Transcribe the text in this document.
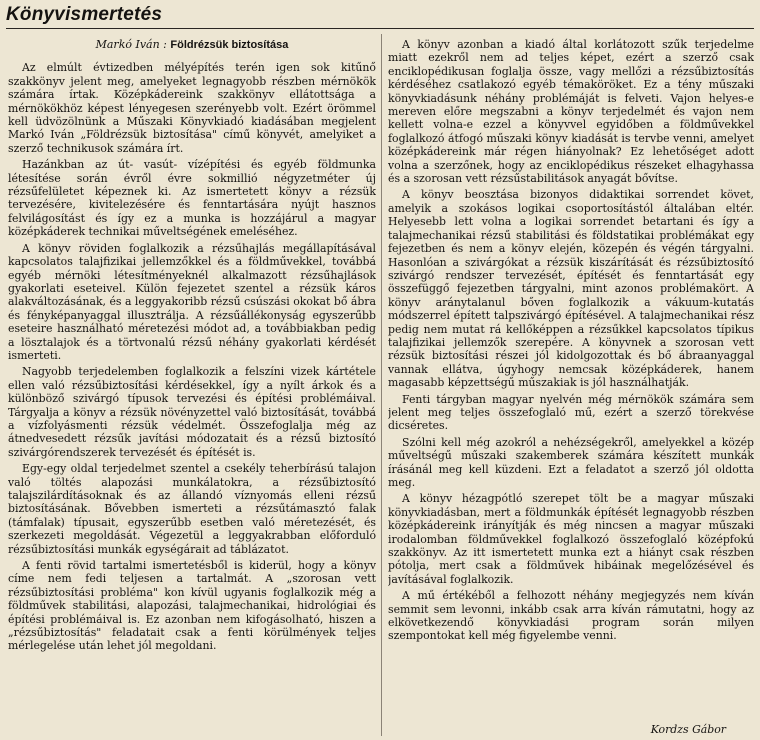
Könyvismertetés

Markó Iván : Földrézsük biztosítása

Az elmúlt évtizedben mélyépítés terén igen sok kitűnő szakkönyv jelent meg, amelyeket legnagyobb részben mérnökök számára írtak. Középkádereink szakkönyv ellátottsága a mérnökökhöz képest lényegesen szerényebb volt. Ezért örömmel kell üdvözölnünk a Műszaki Könyvkiadó kiadásában megjelent Markó Iván „Földrézsük biztosítása" című könyvét, amelyiket a szerző technikusok számára írt.

Hazánkban az út- vasút- vízépítési és egyéb földmunka létesítése során évről évre sokmillió négyzetméter új rézsűfelületet képeznek ki. Az ismertetett könyv a rézsük tervezésére, kivitelezésére és fenntartására nyújt hasznos felvilágosítást és így ez a munka is hozzájárul a magyar középkáderek technikai műveltségének emeléséhez.

A könyv röviden foglalkozik a rézsűhajlás megállapításával kapcsolatos talajfizikai jellemzőkkel és a földművekkel, továbbá egyéb mérnöki létesítményeknél alkalmazott rézsűhajlások gyakorlati eseteivel. Külön fejezetet szentel a rézsük káros alakváltozásának, és a leggyakoribb rézsű csúszási okokat bő ábra és fényképanyaggal illusztrálja. A rézsűállékonyság egyszerűbb eseteire használható méretezési módot ad, a továbbiakban pedig a lösztalajok és a törtvonalú rézsű néhány gyakorlati kérdését ismerteti.

Nagyobb terjedelemben foglalkozik a felszíni vizek kártétele ellen való rézsűbiztosítási kérdésekkel, így a nyílt árkok és a különböző szivárgó típusok tervezési és építési problémáival. Tárgyalja a könyv a rézsük növényzettel való biztosítását, továbbá a vízfolyásmenti rézsük védelmét. Összefoglalja még az átnedvesedett rézsűk javítási módozatait és a rézsű biztosító szivárgórendszerek tervezését és építését is.

Egy-egy oldal terjedelmet szentel a csekély teherbírású talajon való töltés alapozási munkálatokra, a rézsűbiztosító talajszilárdításoknak és az állandó víznyomás elleni rézsű biztosításának. Bővebben ismerteti a rézsűtámasztó falak (támfalak) típusait, egyszerűbb esetben való méretezését, és szerkezeti megoldását. Végezetül a leggyakrabban előforduló rézsűbiztosítási munkák egységárait ad táblázatot.

A fenti rövid tartalmi ismertetésből is kiderül, hogy a könyv címe nem fedi teljesen a tartalmát. A „szorosan vett rézsűbiztosítási probléma" kon kívül ugyanis foglalkozik még a földművek stabilitási, alapozási, talajmechanikai, hidrológiai és építési problémáival is. Ez azonban nem kifogásolható, hiszen a „rézsűbiztosítás" feladatait csak a fenti körülmények teljes mérlegelése után lehet jól megoldani.

A könyv azonban a kiadó által korlátozott szűk terjedelme miatt ezekről nem ad teljes képet, ezért a szerző csak enciklopédikusan foglalja össze, vagy mellőzi a rézsűbiztosítás kérdéséhez csatlakozó egyéb témaköröket. Ez a tény műszaki könyvkiadásunk néhány problémáját is felveti. Vajon helyes-e mereven előre megszabni a könyv terjedelmét és vajon nem kellett volna-e ezzel a könyvvel egyidőben a földművekkel foglalkozó átfogó műszaki könyv kiadását is tervbe venni, amelyet középkádereink már régen hiányolnak? Ez lehetőséget adott volna a szerzőnek, hogy az enciklopédikus részeket elhagyhassa és a szorosan vett rézsűstabilitások anyagát bővítse.

A könyv beosztása bizonyos didaktikai sorrendet követ, amelyik a szokásos logikai csoportosítástól általában eltér. Helyesebb lett volna a logikai sorrendet betartani és így a talajmechanikai rézsű stabilitási és földstatikai problémákat egy fejezetben és nem a könyv elején, közepén és végén tárgyalni. Hasonlóan a szivárgókat a rézsük kiszárítását és rézsűbiztosító szivárgó rendszer tervezését, építését és fenntartását egy összefüggő fejezetben tárgyalni, mint azonos problémakört. A könyv aránytalanul bőven foglalkozik a vákuum-kutatás módszerrel épített talpszivárgó építésével. A talajmechanikai rész pedig nem mutat rá kellőképpen a rézsűkkel kapcsolatos típikus talajfizikai jellemzők szerepére. A könyvnek a szorosan vett rézsük biztosítási részei jól kidolgozottak és bő ábraanyaggal vannak ellátva, úgyhogy nemcsak középkáderek, hanem magasabb képzettségű műszakiak is jól használhatják.

Fenti tárgyban magyar nyelvén még mérnökök számára sem jelent meg teljes összefoglaló mű, ezért a szerző törekvése dicséretes.

Szólni kell még azokról a nehézségekről, amelyekkel a közép műveltségű műszaki szakemberek számára készített munkák írásánál meg kell küzdeni. Ezt a feladatot a szerző jól oldotta meg.

A könyv hézagpótló szerepet tölt be a magyar műszaki könyvkiadásban, mert a földmunkák építését legnagyobb részben középkádereink irányítják és még nincsen a magyar műszaki irodalomban földművekkel foglalkozó összefoglaló középfokú szakkönyv. Az itt ismertetett munka ezt a hiányt csak részben pótolja, mert csak a földművek hibáinak megelőzésével és javításával foglalkozik.

A mű értékéből a felhozott néhány megjegyzés nem kíván semmit sem levonni, inkább csak arra kíván rámutatni, hogy az elkövetkezendő könyvkiadási program során milyen szempontokat kell még figyelembe venni.

Kordzs Gábor
